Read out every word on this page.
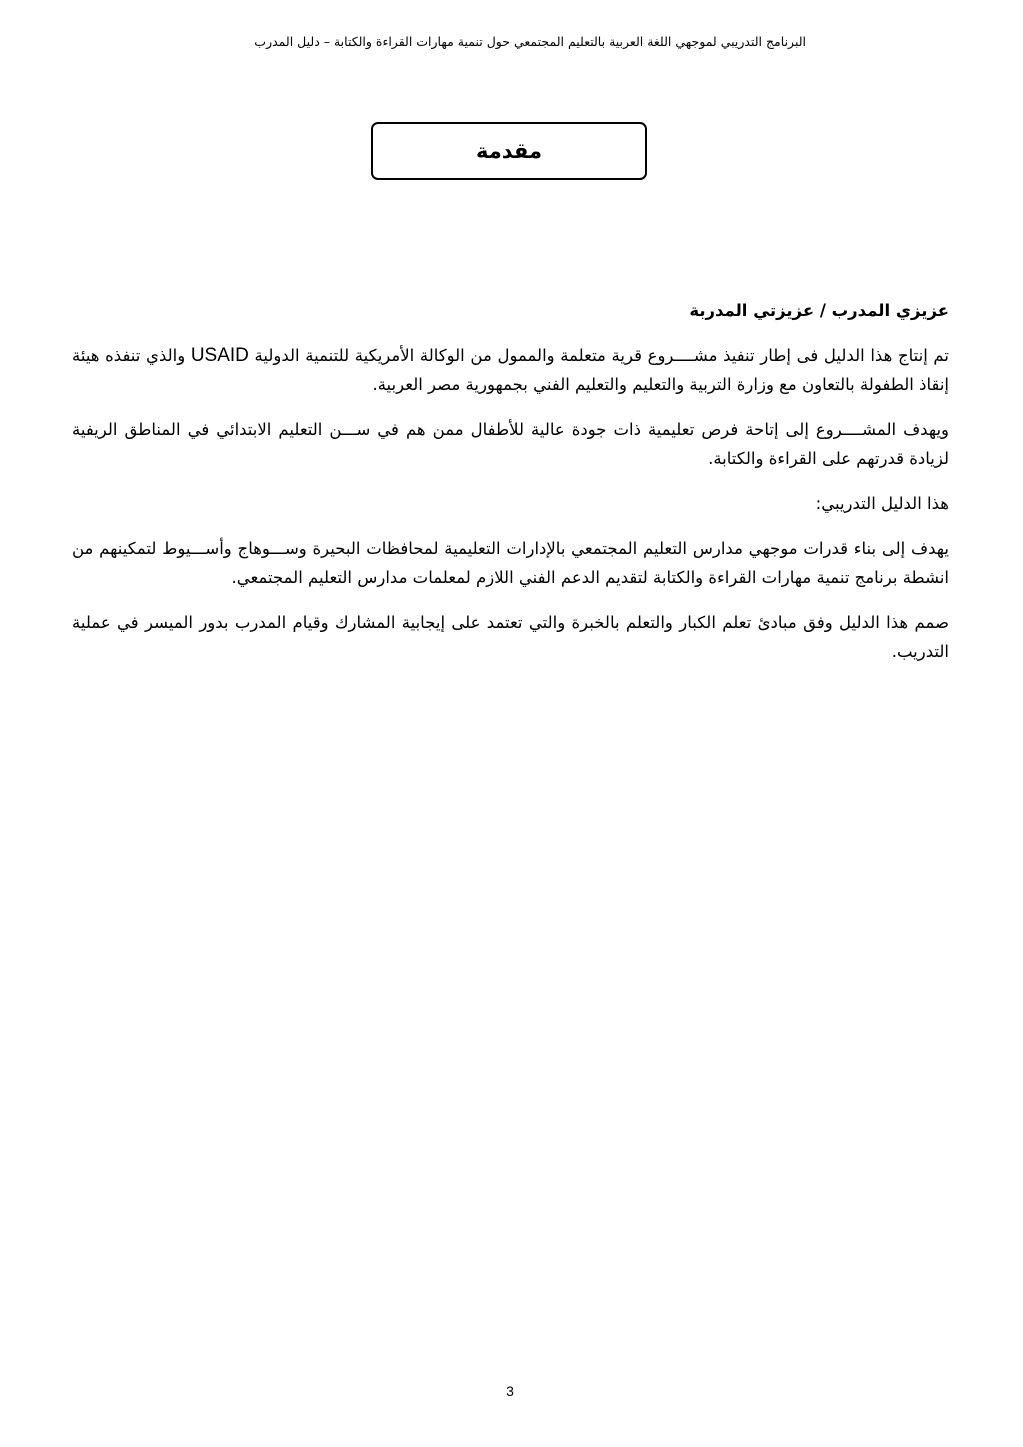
البرنامج التدريبي لموجهي اللغة العربية بالتعليم المجتمعي حول تنمية مهارات القراءة والكتابة – دليل المدرب
مقدمة

عزيزي المدرب / عزيزتي المدربة

تم إنتاج هذا الدليل فى إطار تنفيذ مشــــروع قرية متعلمة والممول من الوكالة الأمريكية للتنمية الدولية USAID والذي تنفذه هيئة إنقاذ الطفولة بالتعاون مع وزارة التربية والتعليم والتعليم الفني بجمهورية مصر العربية.

ويهدف المشــــروع إلى إتاحة فرص تعليمية ذات جودة عالية للأطفال ممن هم في ســـن التعليم الابتدائي في المناطق الريفية لزيادة قدرتهم على القراءة والكتابة.

هذا الدليل التدريبي:

يهدف إلى بناء قدرات موجهي مدارس التعليم المجتمعي بالإدارات التعليمية لمحافظات البحيرة وســـوهاج وأســـيوط لتمكينهم من انشطة برنامج تنمية مهارات القراءة والكتابة لتقديم الدعم الفني اللازم لمعلمات مدارس التعليم المجتمعي.

صمم هذا الدليل وفق مبادئ تعلم الكبار والتعلم بالخبرة والتي تعتمد على إيجابية المشارك وقيام المدرب بدور الميسر في عملية التدريب.

3
